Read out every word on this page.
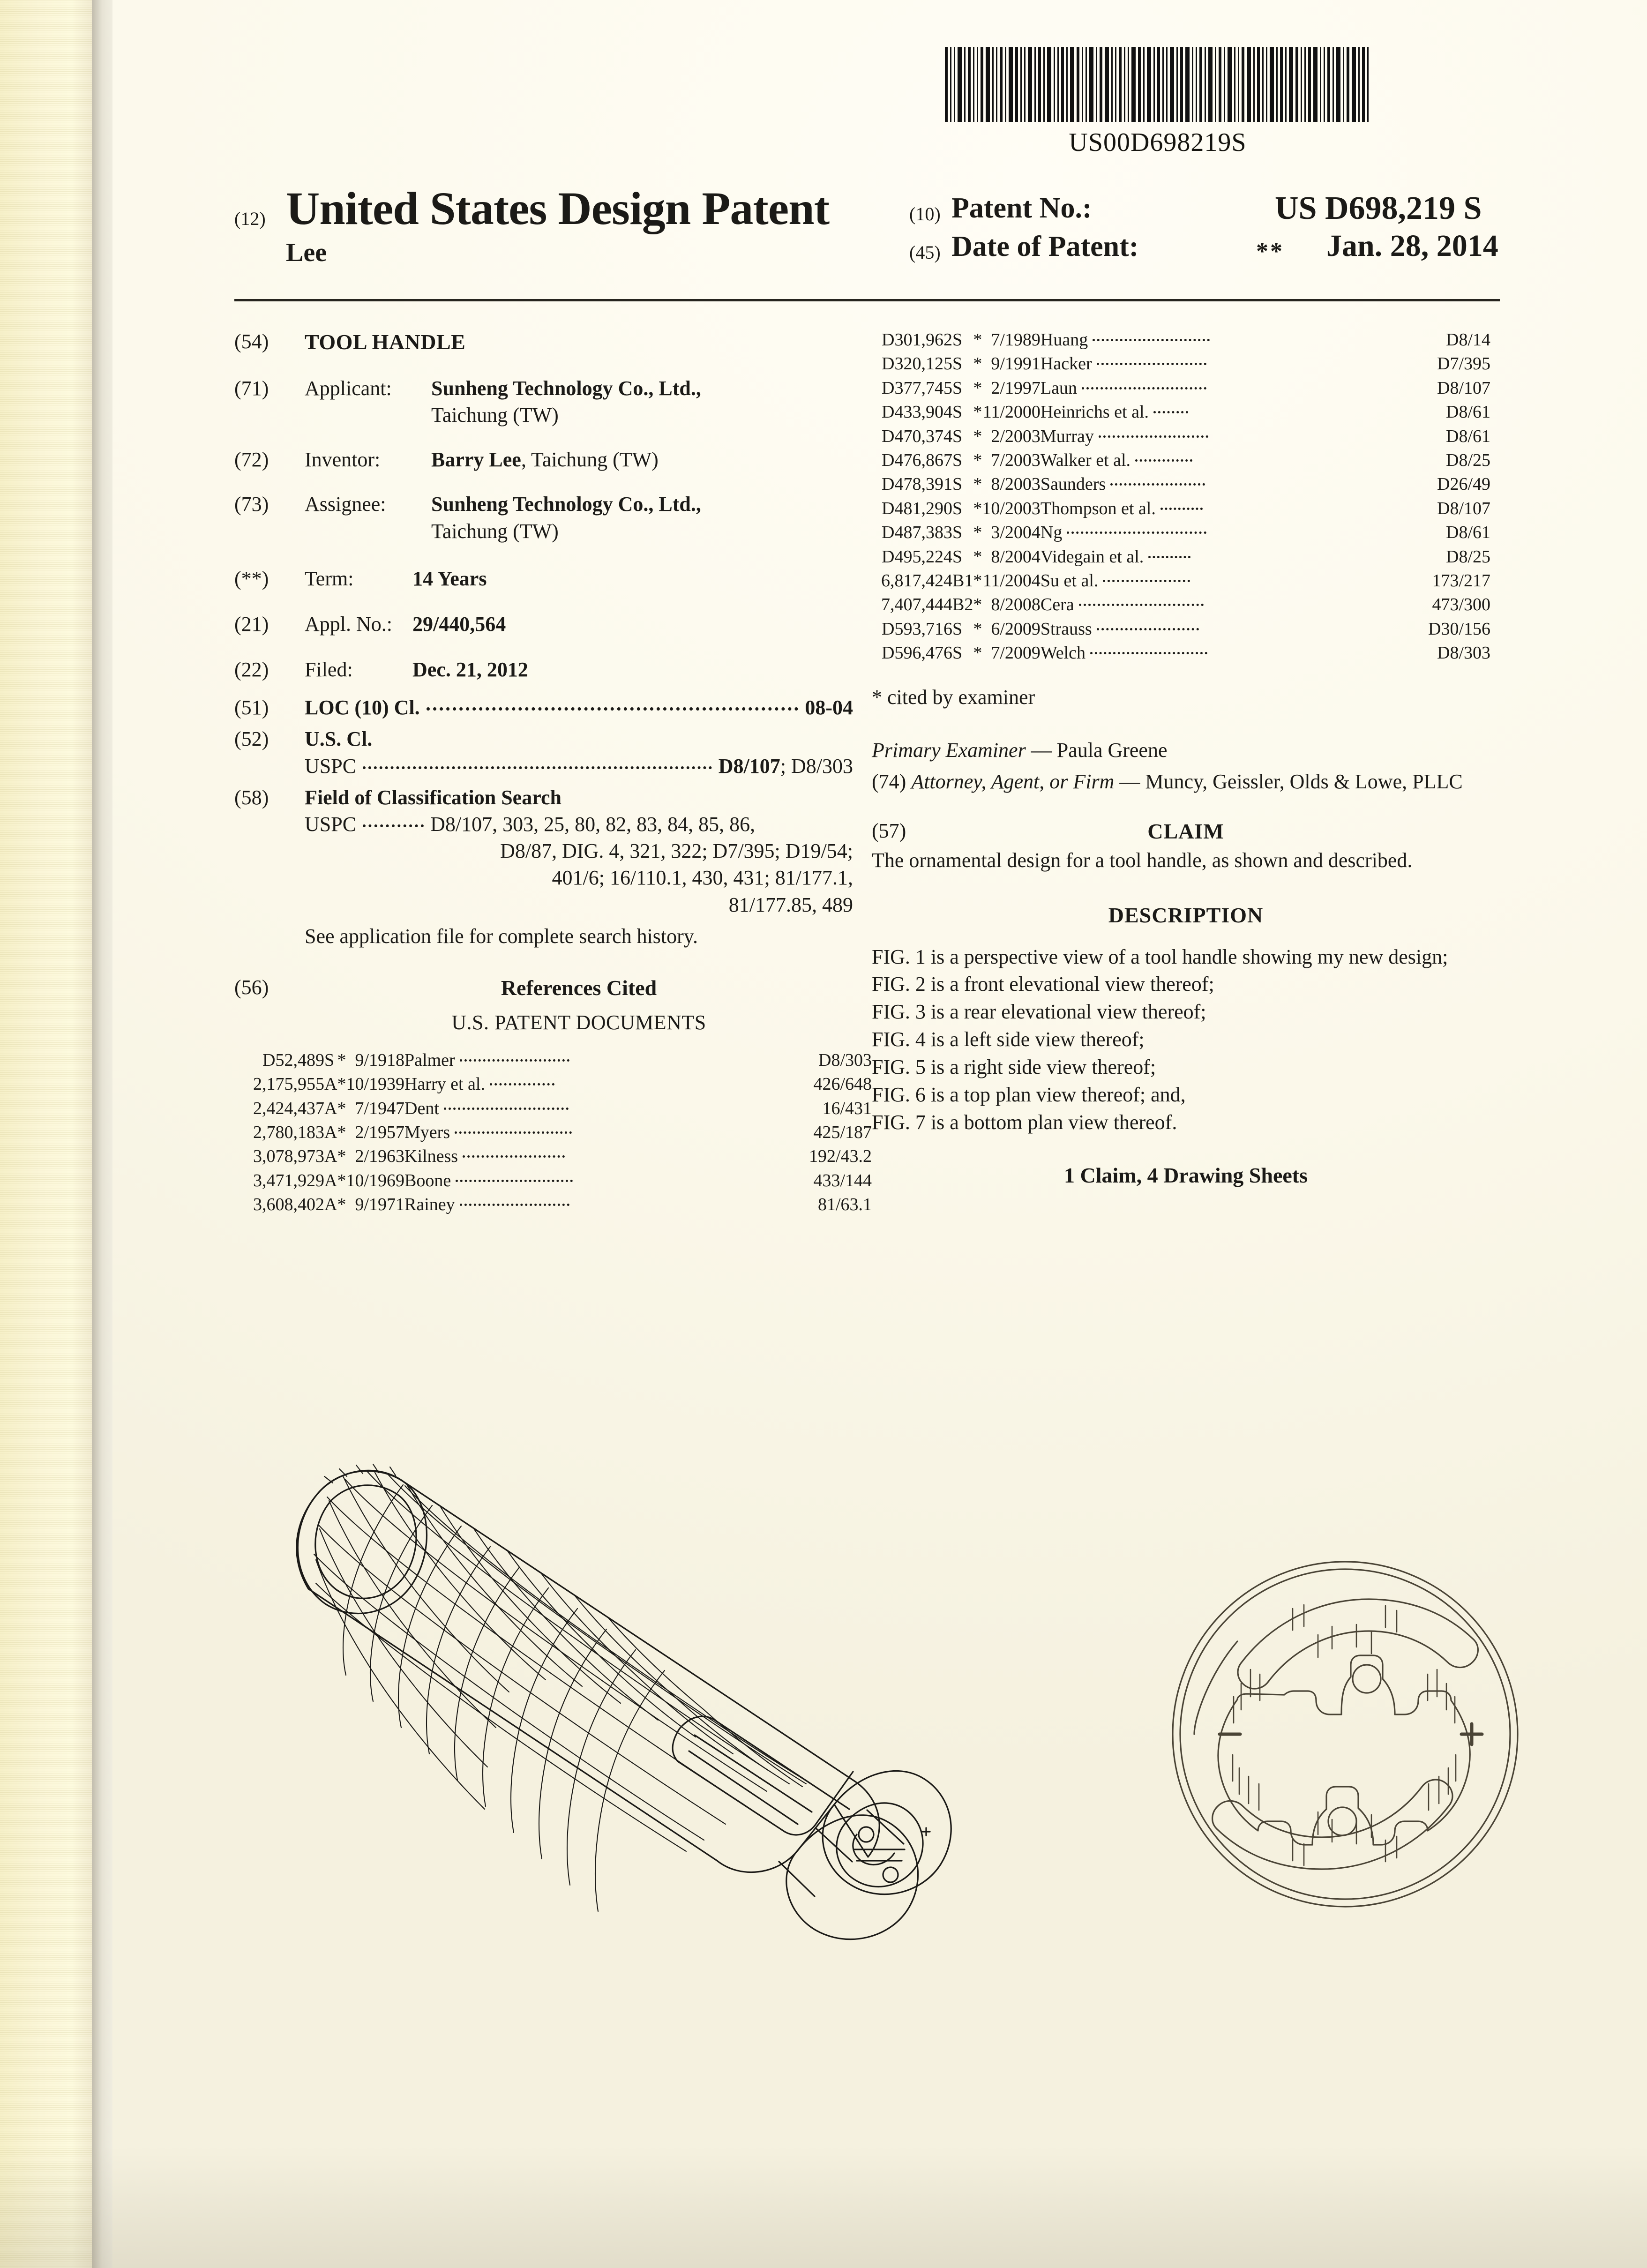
US00D698219S
(12) United States Design Patent
Lee
(10) Patent No.:	US D698,219 S
(45) Date of Patent:	** Jan. 28, 2014
(54)	TOOL HANDLE
(71)	Applicant: Sunheng Technology Co., Ltd.,
Taichung (TW)
(72)	Inventor: Barry Lee, Taichung (TW)
(73)	Assignee: Sunheng Technology Co., Ltd.,
Taichung (TW)
(**)	Term:	14 Years
(21)	Appl. No.: 29/440,564
(22)	Filed:	Dec. 21, 2012
(51)	LOC (10) Cl.	08-04
(52)	U.S. Cl.
USPC	D8/107 ; D8/303
(58)	Field of Classification Search
USPC	D8/107, 303, 25, 80, 82, 83, 84, 85, 86,
D8/87, DIG. 4, 321, 322; D7/395; D19/54;
401/6; 16/110.1, 430, 431; 81/177.1,
81/177.85, 489
See application file for complete search history.
(56)	References Cited
U.S. PATENT DOCUMENTS
D52,489	S	*	9/1918	Palmer	D8/303
2,175,955	A	*	10/1939	Harry et al.	426/648
2,424,437	A	*	7/1947	Dent	16/431
2,780,183	A	*	2/1957	Myers	425/187
3,078,973	A	*	2/1963	Kilness	192/43.2
3,471,929	A	*	10/1969	Boone	433/144
3,608,402	A	*	9/1971	Rainey	81/63.1
D301,962	S	*	7/1989	Huang	D8/14
D320,125	S	*	9/1991	Hacker	D7/395
D377,745	S	*	2/1997	Laun	D8/107
D433,904	S	*	11/2000	Heinrichs et al.	D8/61
D470,374	S	*	2/2003	Murray	D8/61
D476,867	S	*	7/2003	Walker et al.	D8/25
D478,391	S	*	8/2003	Saunders	D26/49
D481,290	S	*	10/2003	Thompson et al.	D8/107
D487,383	S	*	3/2004	Ng	D8/61
D495,224	S	*	8/2004	Videgain et al.	D8/25
6,817,424	B1	*	11/2004	Su et al.	173/217
7,407,444	B2	*	8/2008	Cera	473/300
D593,716	S	*	6/2009	Strauss	D30/156
D596,476	S	*	7/2009	Welch	D8/303
* cited by examiner
Primary Examiner — Paula Greene
(74) Attorney, Agent, or Firm — Muncy, Geissler, Olds & Lowe, PLLC
(57)	CLAIM
The ornamental design for a tool handle, as shown and described.
DESCRIPTION
FIG. 1 is a perspective view of a tool handle showing my new design;
FIG. 2 is a front elevational view thereof;
FIG. 3 is a rear elevational view thereof;
FIG. 4 is a left side view thereof;
FIG. 5 is a right side view thereof;
FIG. 6 is a top plan view thereof; and,
FIG. 7 is a bottom plan view thereof.
1 Claim, 4 Drawing Sheets
